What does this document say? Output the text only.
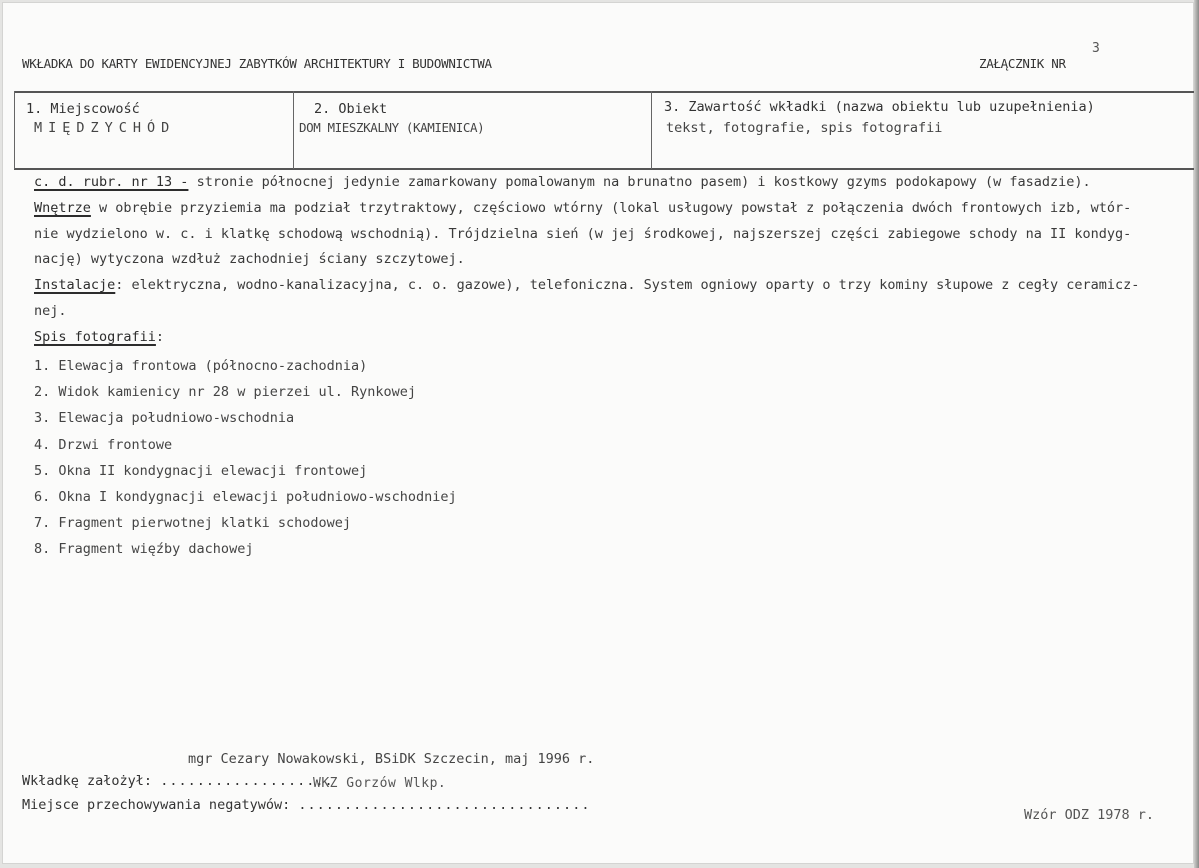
WKŁADKA DO KARTY EWIDENCYJNEJ ZABYTKÓW ARCHITEKTURY I BUDOWNICTWA	ZAŁĄCZNIK NR
3
1. Miejscowość
MIĘDZYCHÓD
2. Obiekt
DOM MIESZKALNY (KAMIENICA)
3. Zawartość wkładki (nazwa obiektu lub uzupełnienia)
tekst, fotografie, spis fotografii
c. d. rubr. nr 13 - stronie północnej jedynie zamarkowany pomalowanym na brunatno pasem) i kostkowy gzyms podokapowy (w fasadzie).
Wnętrze w obrębie przyziemia ma podział trzytraktowy, częściowo wtórny (lokal usługowy powstał z połączenia dwóch frontowych izb, wtór-
nie wydzielono w. c. i klatkę schodową wschodnią). Trójdzielna sień (w jej środkowej, najszerszej części zabiegowe schody na II kondyg-
nację) wytyczona wzdłuż zachodniej ściany szczytowej.
Instalacje: elektryczna, wodno-kanalizacyjna, c. o. gazowe), telefoniczna. System ogniowy oparty o trzy kominy słupowe z cegły ceramicz-
nej.
Spis fotografii:
1. Elewacja frontowa (północno-zachodnia)
2. Widok kamienicy nr 28 w pierzei ul. Rynkowej
3. Elewacja południowo-wschodnia
4. Drzwi frontowe
5. Okna II kondygnacji elewacji frontowej
6. Okna I kondygnacji elewacji południowo-wschodniej
7. Fragment pierwotnej klatki schodowej
8. Fragment więźby dachowej
mgr Cezary Nowakowski, BSiDK Szczecin, maj 1996 r.
Wkładkę założył: ...................
WKZ Gorzów Wlkp.
Miejsce przechowywania negatywów: ................................
Wzór ODZ 1978 r.
